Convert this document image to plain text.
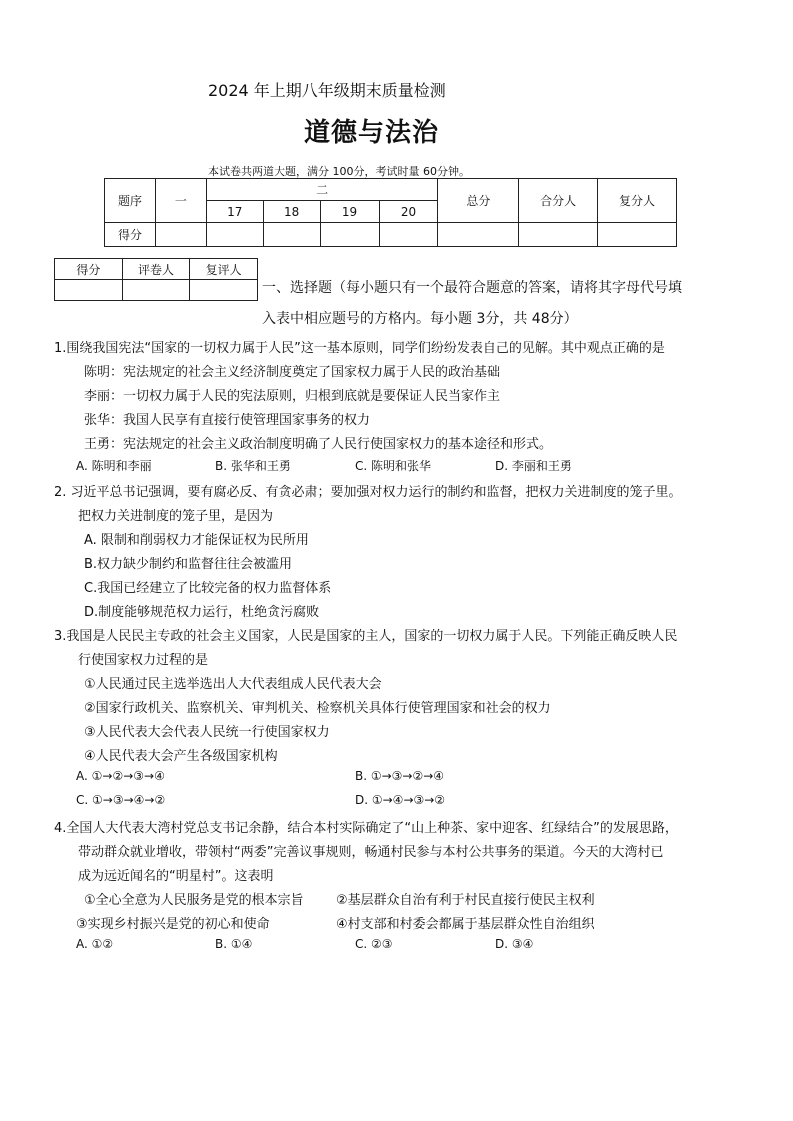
2024 年上期八年级期末质量检测
道德与法治
本试卷共两道大题，满分 100分，考试时量 60分钟。
题序	一	二				总分	合分人	复分人
		17	18	19	20			
得分								
得分	评卷人	复评人

一、选择题（每小题只有一个最符合题意的答案，请将其字母代号填
入表中相应题号的方格内。每小题 3分，共 48分）
1.围绕我国宪法“国家的一切权力属于人民”这一基本原则，同学们纷纷发表自己的见解。其中观点正确的是
陈明：宪法规定的社会主义经济制度奠定了国家权力属于人民的政治基础
李丽：一切权力属于人民的宪法原则，归根到底就是要保证人民当家作主
张华：我国人民享有直接行使管理国家事务的权力
王勇：宪法规定的社会主义政治制度明确了人民行使国家权力的基本途径和形式。
A. 陈明和李丽	B. 张华和王勇	C. 陈明和张华	D. 李丽和王勇
2. 习近平总书记强调，要有腐必反、有贪必肃；要加强对权力运行的制约和监督，把权力关进制度的笼子里。
把权力关进制度的笼子里，是因为
A. 限制和削弱权力才能保证权为民所用
B.权力缺少制约和监督往往会被滥用
C.我国已经建立了比较完备的权力监督体系
D.制度能够规范权力运行，杜绝贪污腐败
3.我国是人民民主专政的社会主义国家，人民是国家的主人，国家的一切权力属于人民。下列能正确反映人民
行使国家权力过程的是
①人民通过民主选举选出人大代表组成人民代表大会
②国家行政机关、监察机关、审判机关、检察机关具体行使管理国家和社会的权力
③人民代表大会代表人民统一行使国家权力
④人民代表大会产生各级国家机构
A. ①→②→③→④	B. ①→③→②→④
C. ①→③→④→②	D. ①→④→③→②
4.全国人大代表大湾村党总支书记余静，结合本村实际确定了“山上种茶、家中迎客、红绿结合”的发展思路，
带动群众就业增收，带领村“两委”完善议事规则，畅通村民参与本村公共事务的渠道。今天的大湾村已
成为远近闻名的“明星村”。这表明
①全心全意为人民服务是党的根本宗旨 ②基层群众自治有利于村民直接行使民主权利
③实现乡村振兴是党的初心和使命	④村支部和村委会都属于基层群众性自治组织
A. ①②	B. ①④	C. ②③	D. ③④
